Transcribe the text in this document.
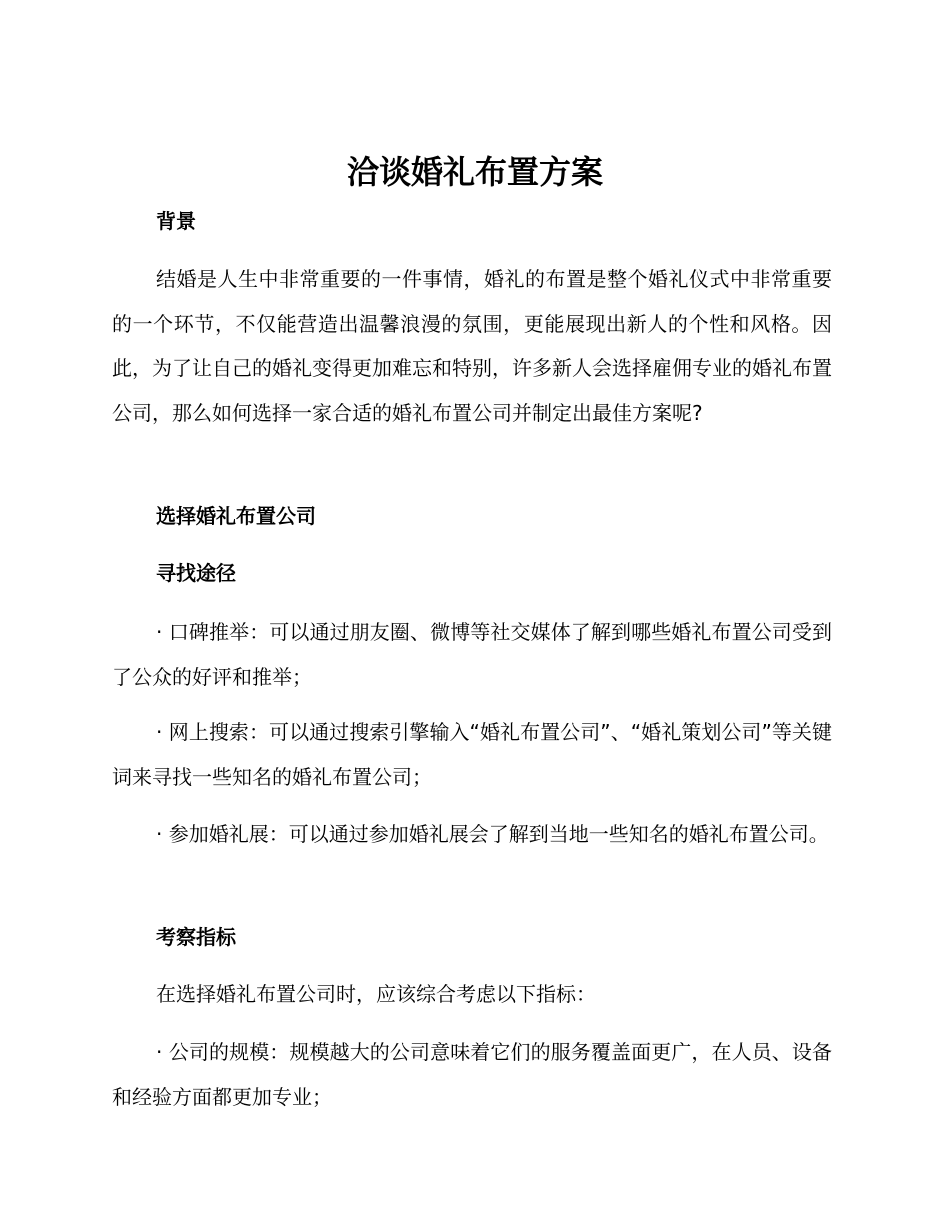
洽谈婚礼布置方案
背景

结婚是人生中非常重要的一件事情，婚礼的布置是整个婚礼仪式中非常重要的一个环节，不仅能营造出温馨浪漫的氛围，更能展现出新人的个性和风格。因此，为了让自己的婚礼变得更加难忘和特别，许多新人会选择雇佣专业的婚礼布置公司，那么如何选择一家合适的婚礼布置公司并制定出最佳方案呢?

选择婚礼布置公司
寻找途径

· 口碑推举：可以通过朋友圈、微博等社交媒体了解到哪些婚礼布置公司受到了公众的好评和推举；

· 网上搜索：可以通过搜索引擎输入“婚礼布置公司”、“婚礼策划公司”等关键词来寻找一些知名的婚礼布置公司；

· 参加婚礼展：可以通过参加婚礼展会了解到当地一些知名的婚礼布置公司。

考察指标

在选择婚礼布置公司时，应该综合考虑以下指标：

· 公司的规模：规模越大的公司意味着它们的服务覆盖面更广，在人员、设备和经验方面都更加专业；
